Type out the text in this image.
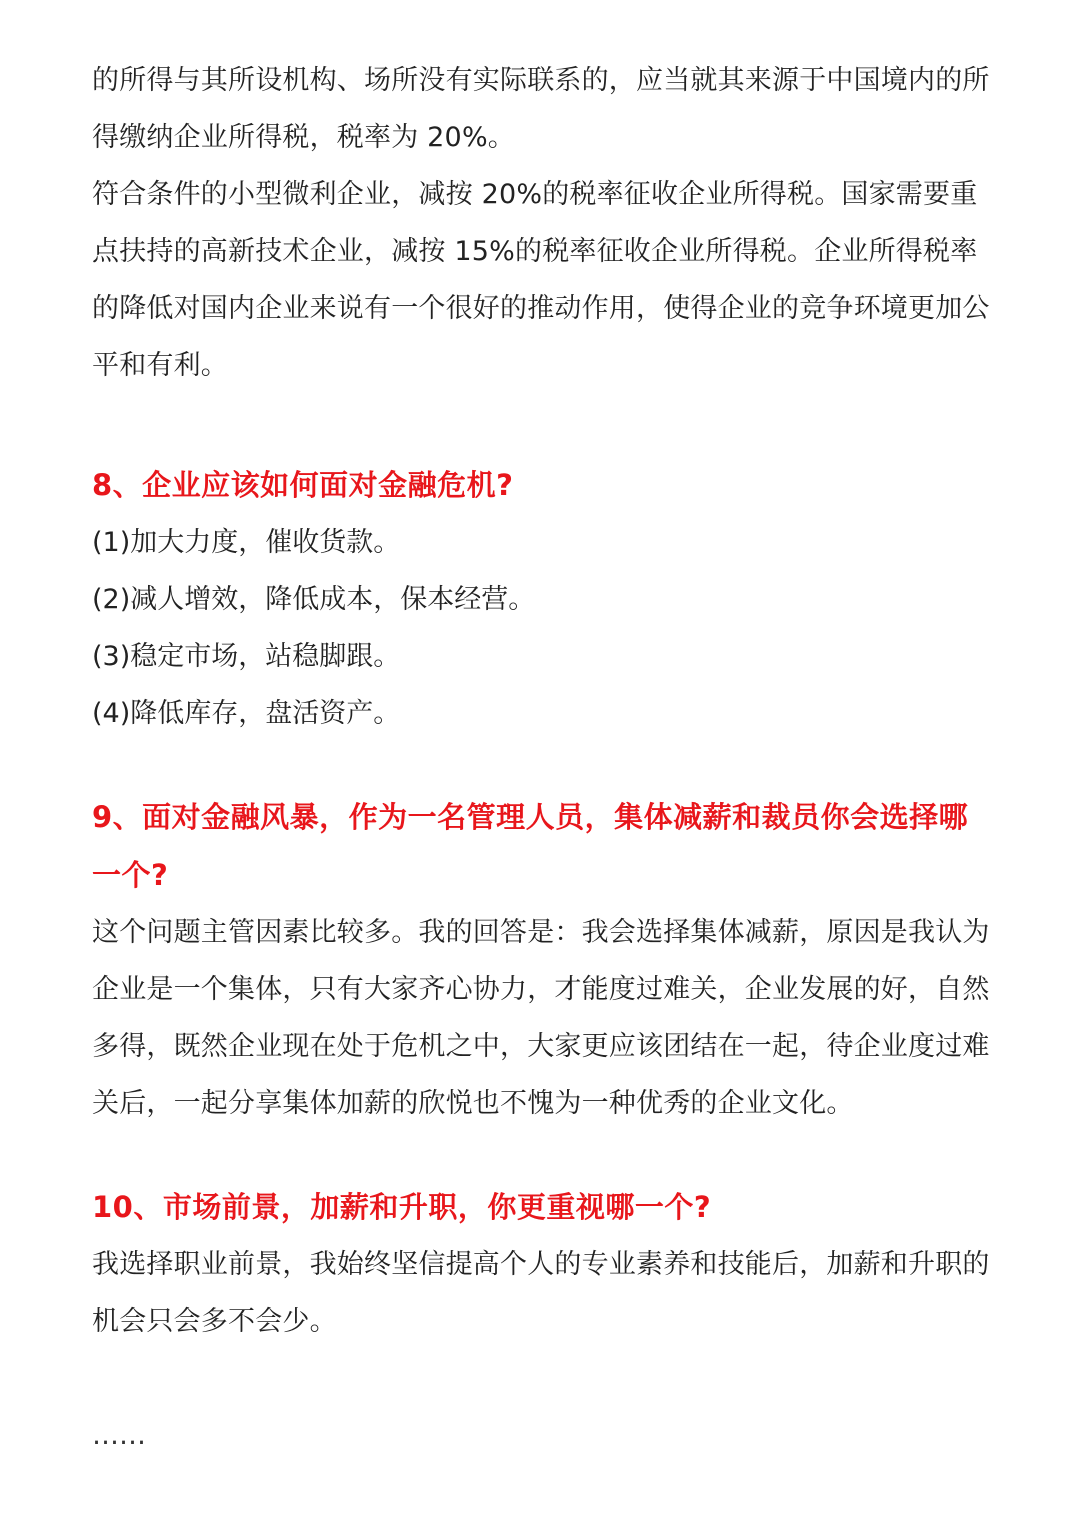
的所得与其所设机构、场所没有实际联系的，应当就其来源于中国境内的所得缴纳企业所得税，税率为 20%。

符合条件的小型微利企业，减按 20%的税率征收企业所得税。国家需要重点扶持的高新技术企业，减按 15%的税率征收企业所得税。企业所得税率的降低对国内企业来说有一个很好的推动作用，使得企业的竞争环境更加公平和有利。

8、企业应该如何面对金融危机?

(1)加大力度，催收货款。

(2)减人增效，降低成本，保本经营。

(3)稳定市场，站稳脚跟。

(4)降低库存，盘活资产。

9、面对金融风暴，作为一名管理人员，集体减薪和裁员你会选择哪一个?

这个问题主管因素比较多。我的回答是：我会选择集体减薪，原因是我认为企业是一个集体，只有大家齐心协力，才能度过难关，企业发展的好，自然多得，既然企业现在处于危机之中，大家更应该团结在一起，待企业度过难关后，一起分享集体加薪的欣悦也不愧为一种优秀的企业文化。

10、市场前景，加薪和升职，你更重视哪一个?

我选择职业前景，我始终坚信提高个人的专业素养和技能后，加薪和升职的机会只会多不会少。

……
